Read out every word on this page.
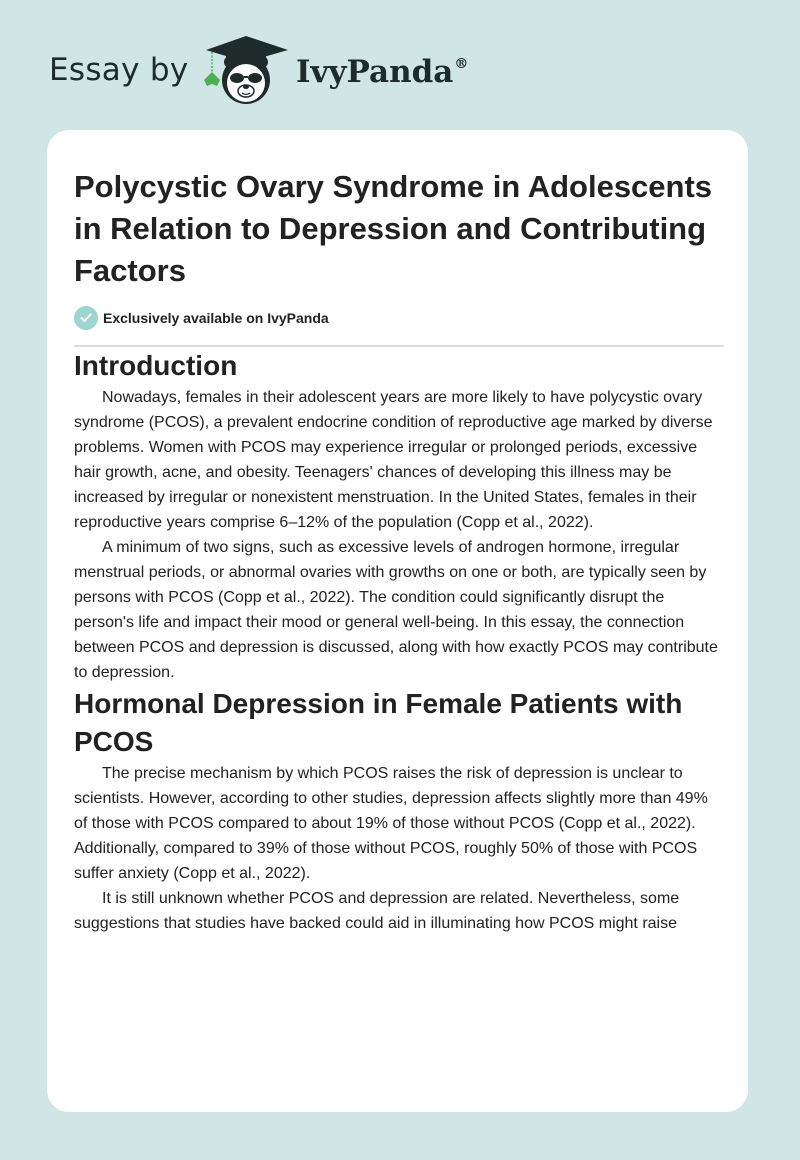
Essay by	IvyPanda®
Polycystic Ovary Syndrome in Adolescents in Relation to Depression and Contributing Factors
Exclusively available on IvyPanda
Introduction

Nowadays, females in their adolescent years are more likely to have polycystic ovary syndrome (PCOS), a prevalent endocrine condition of reproductive age marked by diverse problems. Women with PCOS may experience irregular or prolonged periods, excessive hair growth, acne, and obesity. Teenagers' chances of developing this illness may be increased by irregular or nonexistent menstruation. In the United States, females in their reproductive years comprise 6–12% of the population (Copp et al., 2022).

A minimum of two signs, such as excessive levels of androgen hormone, irregular menstrual periods, or abnormal ovaries with growths on one or both, are typically seen by persons with PCOS (Copp et al., 2022). The condition could significantly disrupt the person's life and impact their mood or general well-being. In this essay, the connection between PCOS and depression is discussed, along with how exactly PCOS may contribute to depression.

Hormonal Depression in Female Patients with PCOS

The precise mechanism by which PCOS raises the risk of depression is unclear to scientists. However, according to other studies, depression affects slightly more than 49% of those with PCOS compared to about 19% of those without PCOS (Copp et al., 2022). Additionally, compared to 39% of those without PCOS, roughly 50% of those with PCOS suffer anxiety (Copp et al., 2022).

It is still unknown whether PCOS and depression are related. Nevertheless, some suggestions that studies have backed could aid in illuminating how PCOS might raise
